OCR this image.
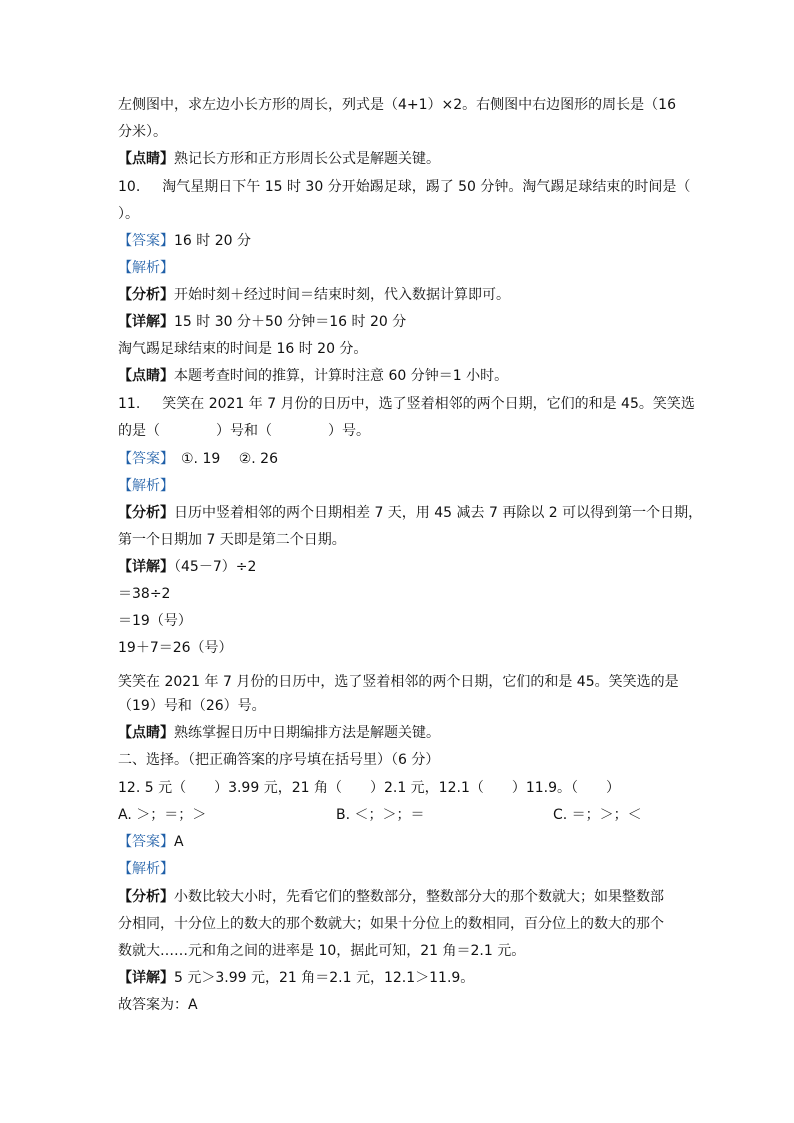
左侧图中，求左边小长方形的周长，列式是（4+1）×2。右侧图中右边图形的周长是（16
分米）。
【点睛】熟记长方形和正方形周长公式是解题关键。
10. 淘气星期日下午 15 时 30 分开始踢足球，踢了 50 分钟。淘气踢足球结束的时间是（
）。
【答案】16 时 20 分
【解析】
【分析】开始时刻＋经过时间＝结束时刻，代入数据计算即可。
【详解】15 时 30 分＋50 分钟＝16 时 20 分
淘气踢足球结束的时间是 16 时 20 分。
【点睛】本题考查时间的推算，计算时注意 60 分钟＝1 小时。
11. 笑笑在 2021 年 7 月份的日历中，选了竖着相邻的两个日期，它们的和是 45。笑笑选
的是（　　　　）号和（　　　　）号。
【答案】　①. 19　 ②. 26
【解析】
【分析】日历中竖着相邻的两个日期相差 7 天，用 45 减去 7 再除以 2 可以得到第一个日期，
第一个日期加 7 天即是第二个日期。
【详解】（45－7）÷2
＝38÷2
＝19（号）
19＋7＝26（号）
笑笑在 2021 年 7 月份的日历中，选了竖着相邻的两个日期，它们的和是 45。笑笑选的是
（19）号和（26）号。
【点睛】熟练掌握日历中日期编排方法是解题关键。
二、选择。（把正确答案的序号填在括号里）（6 分）
12. 5 元（　　）3.99 元，21 角（　　）2.1 元，12.1（　　）11.9。（　　）
A. ＞；＝；＞	B. ＜；＞；＝	C. ＝；＞；＜
【答案】A
【解析】
【分析】小数比较大小时，先看它们的整数部分，整数部分大的那个数就大；如果整数部
分相同，十分位上的数大的那个数就大；如果十分位上的数相同，百分位上的数大的那个
数就大……元和角之间的进率是 10，据此可知，21 角＝2.1 元。
【详解】5 元＞3.99 元，21 角＝2.1 元，12.1＞11.9。
故答案为：A
